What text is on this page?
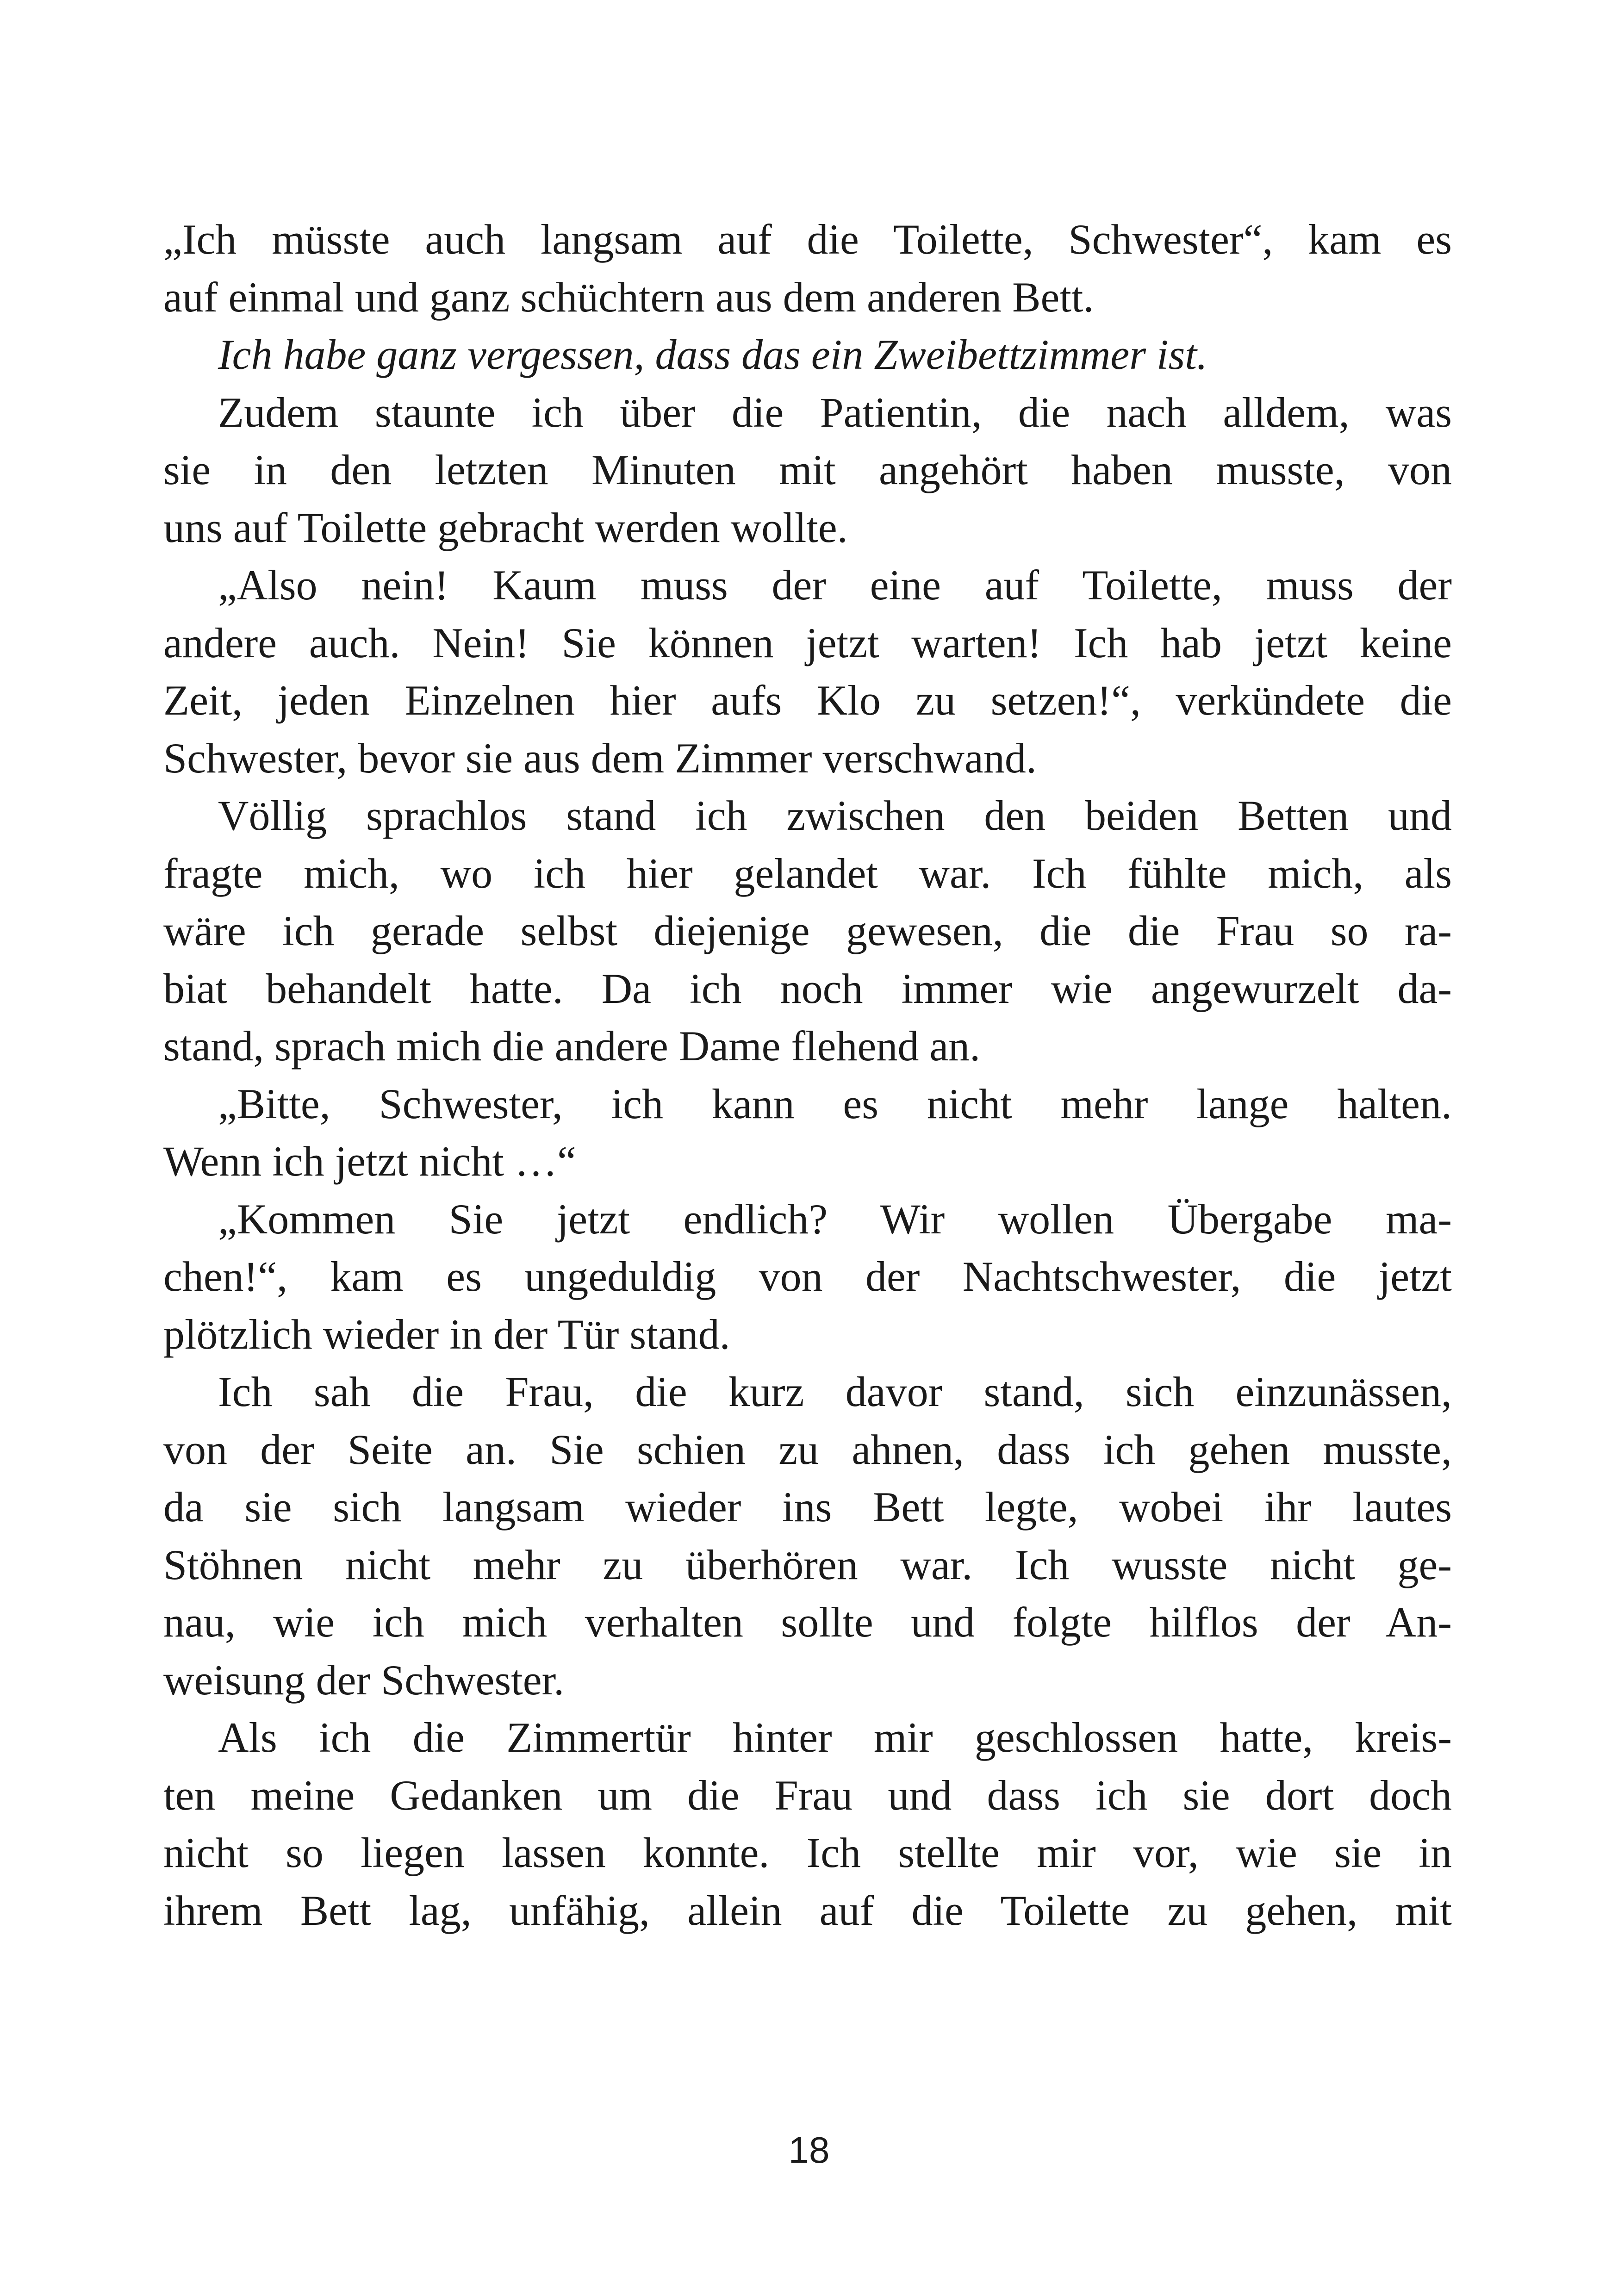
„Ich müsste auch langsam auf die Toilette, Schwester“, kam es
auf einmal und ganz schüchtern aus dem anderen Bett.
Ich habe ganz vergessen, dass das ein Zweibettzimmer ist.
Zudem staunte ich über die Patientin, die nach alldem, was
sie in den letzten Minuten mit angehört haben musste, von
uns auf Toilette gebracht werden wollte.
„Also nein! Kaum muss der eine auf Toilette, muss der
andere auch. Nein! Sie können jetzt warten! Ich hab jetzt keine
Zeit, jeden Einzelnen hier aufs Klo zu setzen!“, verkündete die
Schwester, bevor sie aus dem Zimmer verschwand.
Völlig sprachlos stand ich zwischen den beiden Betten und
fragte mich, wo ich hier gelandet war. Ich fühlte mich, als
wäre ich gerade selbst diejenige gewesen, die die Frau so ra-
biat behandelt hatte. Da ich noch immer wie angewurzelt da-
stand, sprach mich die andere Dame flehend an.
„Bitte, Schwester, ich kann es nicht mehr lange halten.
Wenn ich jetzt nicht …“
„Kommen Sie jetzt endlich? Wir wollen Übergabe ma-
chen!“, kam es ungeduldig von der Nachtschwester, die jetzt
plötzlich wieder in der Tür stand.
Ich sah die Frau, die kurz davor stand, sich einzunässen,
von der Seite an. Sie schien zu ahnen, dass ich gehen musste,
da sie sich langsam wieder ins Bett legte, wobei ihr lautes
Stöhnen nicht mehr zu überhören war. Ich wusste nicht ge-
nau, wie ich mich verhalten sollte und folgte hilflos der An-
weisung der Schwester.
Als ich die Zimmertür hinter mir geschlossen hatte, kreis-
ten meine Gedanken um die Frau und dass ich sie dort doch
nicht so liegen lassen konnte. Ich stellte mir vor, wie sie in
ihrem Bett lag, unfähig, allein auf die Toilette zu gehen, mit
18
